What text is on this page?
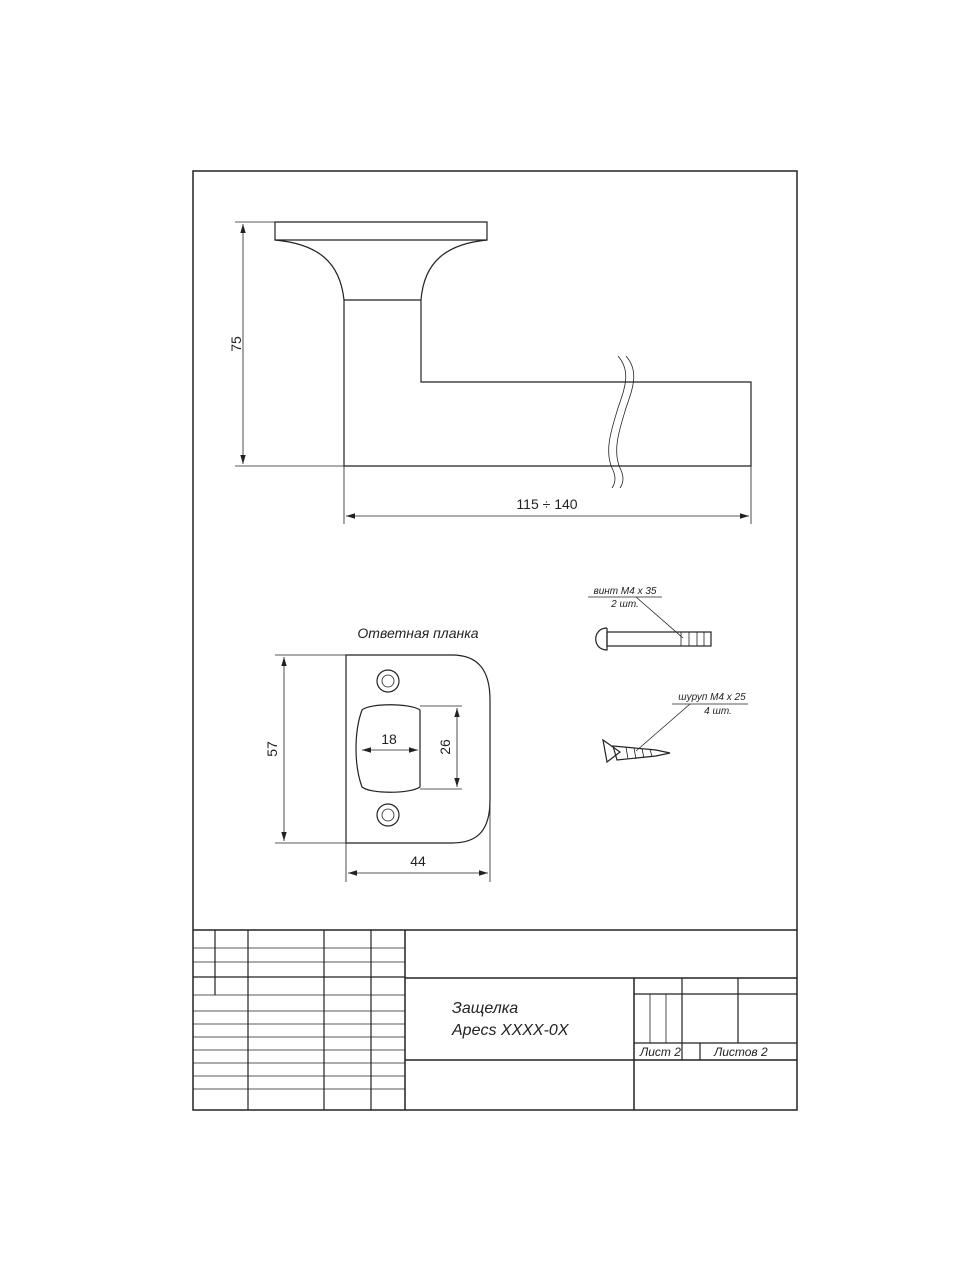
75
115 ÷ 140
Ответная планка
57
44
18	26
винт M4 x 35
2 шт.
шуруп M4 x 25
4 шт.
Защелка
Apecs XXXX-0X
Лист 2	Листов 2
